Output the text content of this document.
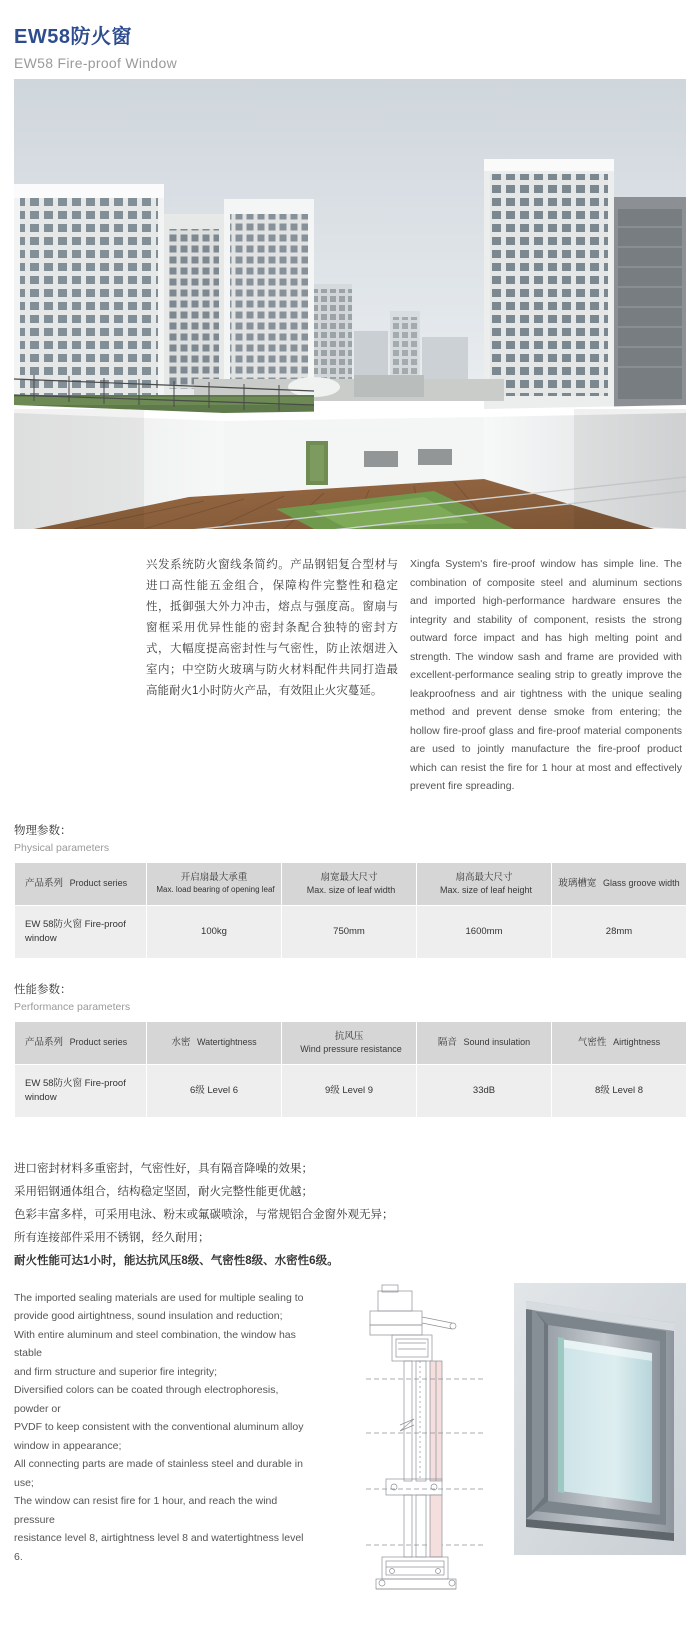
EW58防火窗
EW58 Fire-proof Window
兴发系统防火窗线条简约。产品钢铝复合型材与进口高性能五金组合，保障构件完整性和稳定性，抵御强大外力冲击，熔点与强度高。窗扇与窗框采用优异性能的密封条配合独特的密封方式，大幅度提高密封性与气密性，防止浓烟进入室内；中空防火玻璃与防火材料配件共同打造最高能耐火1小时防火产品，有效阻止火灾蔓延。
Xingfa System's fire-proof window has simple line. The combination of composite steel and aluminum sections and imported high-performance hardware ensures the integrity and stability of component, resists the strong outward force impact and has high melting point and strength. The window sash and frame are provided with excellent-performance sealing strip to greatly improve the leakproofness and air tightness with the unique sealing method and prevent dense smoke from entering; the hollow fire-proof glass and fire-proof material components are used to jointly manufacture the fire-proof product which can resist the fire for 1 hour at most and effectively prevent fire spreading.
物理参数：
Physical parameters
产品系列 Product series	开启扇最大承重 Max. load bearing of opening leaf	扇宽最大尺寸 Max. size of leaf width	扇高最大尺寸 Max. size of leaf height	玻璃槽宽 Glass groove width
EW 58防火窗 Fire-proof window	100kg	750mm	1600mm	28mm
性能参数：
Performance parameters
产品系列 Product series	水密 Watertightness	抗风压 Wind pressure resistance	隔音 Sound insulation	气密性 Airtightness
EW 58防火窗 Fire-proof window	6级 Level 6	9级 Level 9	33dB	8级 Level 8
进口密封材料多重密封，气密性好，具有隔音降噪的效果；
采用铝钢通体组合，结构稳定坚固，耐火完整性能更优越；
色彩丰富多样，可采用电泳、粉末或氟碳喷涂，与常规铝合金窗外观无异；
所有连接部件采用不锈钢，经久耐用；
耐火性能可达1小时，能达抗风压8级、气密性8级、水密性6级。
The imported sealing materials are used for multiple sealing to
provide good airtightness, sound insulation and reduction;
With entire aluminum and steel combination, the window has stable
and firm structure and superior fire integrity;
Diversified colors can be coated through electrophoresis, powder or
PVDF to keep consistent with the conventional aluminum alloy
window in appearance;
All connecting parts are made of stainless steel and durable in use;
The window can resist fire for 1 hour, and reach the wind pressure
resistance level 8, airtightness level 8 and watertightness level 6.
